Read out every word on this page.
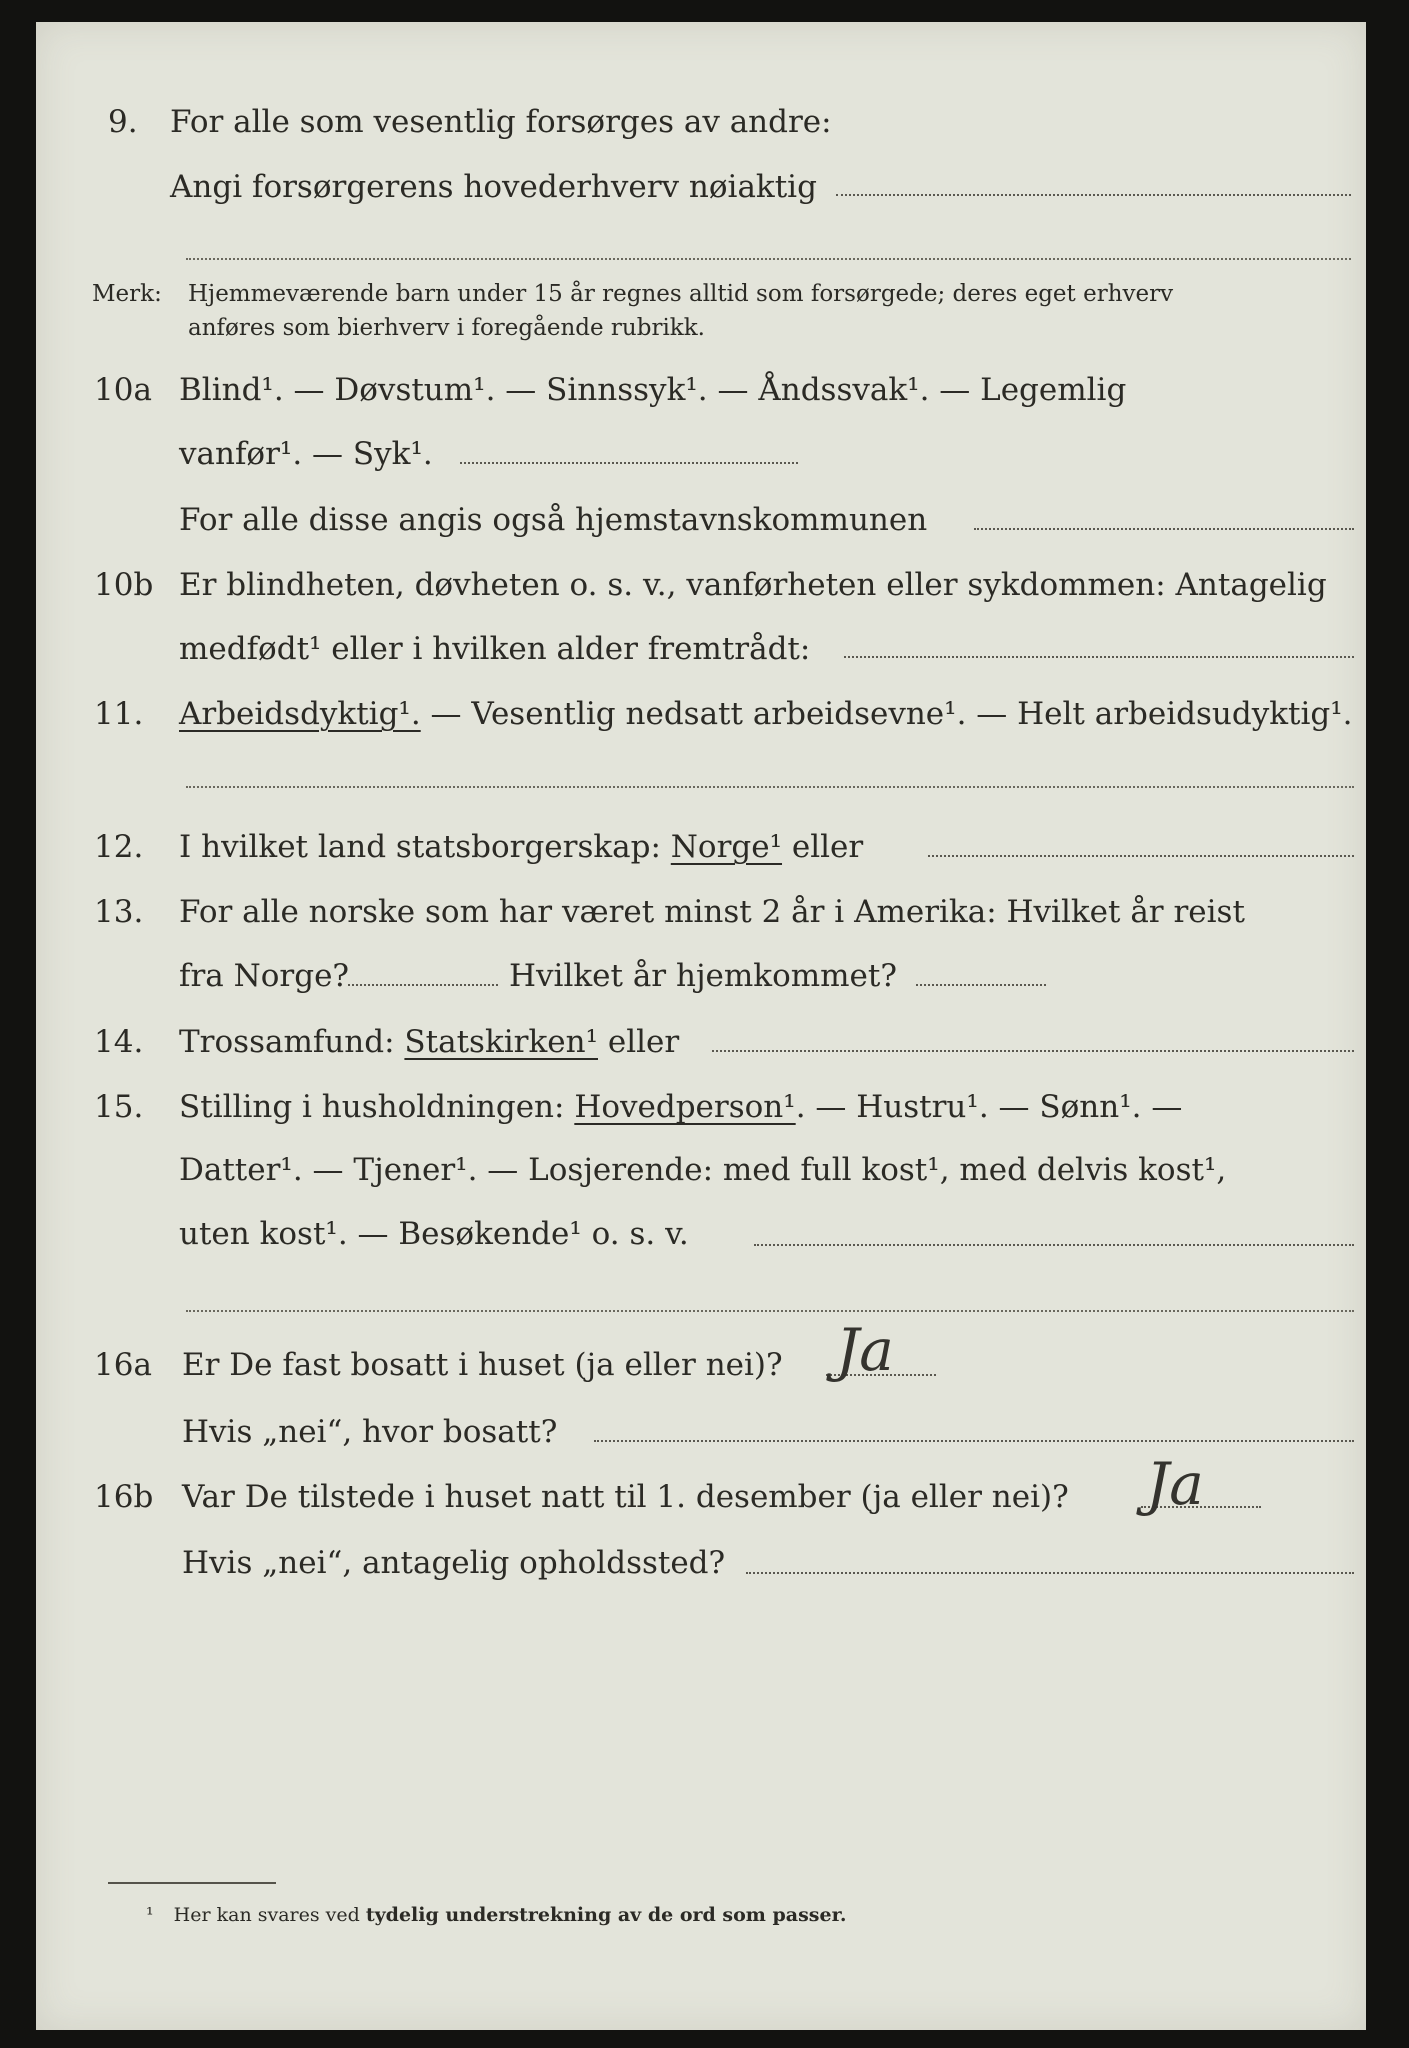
9. For alle som vesentlig forsørges av andre:
Angi forsørgerens hovederhverv nøiaktig
Merk: Hjemmeværende barn under 15 år regnes alltid som forsørgede; deres eget erhverv
anføres som bierhverv i foregående rubrikk.
10a Blind¹. — Døvstum¹. — Sinnssyk¹. — Åndssvak¹. — Legemlig
vanfør¹. — Syk¹.
For alle disse angis også hjemstavnskommunen
10b Er blindheten, døvheten o. s. v., vanførheten eller sykdommen: Antagelig
medfødt¹ eller i hvilken alder fremtrådt:
11. Arbeidsdyktig¹. — Vesentlig nedsatt arbeidsevne¹. — Helt arbeidsudyktig¹.
12. I hvilket land statsborgerskap: Norge¹ eller
13. For alle norske som har været minst 2 år i Amerika: Hvilket år reist
fra Norge?	Hvilket år hjemkommet?
14. Trossamfund: Statskirken¹ eller
15. Stilling i husholdningen: Hovedperson¹. — Hustru¹. — Sønn¹. —
Datter¹. — Tjener¹. — Losjerende: med full kost¹, med delvis kost¹,
uten kost¹. — Besøkende¹ o. s. v.
16a Er De fast bosatt i huset (ja eller nei)? Ja
Hvis „nei“, hvor bosatt?
16b Var De tilstede i huset natt til 1. desember (ja eller nei)? Ja
Hvis „nei“, antagelig opholdssted?
¹ Her kan svares ved tydelig understrekning av de ord som passer.
